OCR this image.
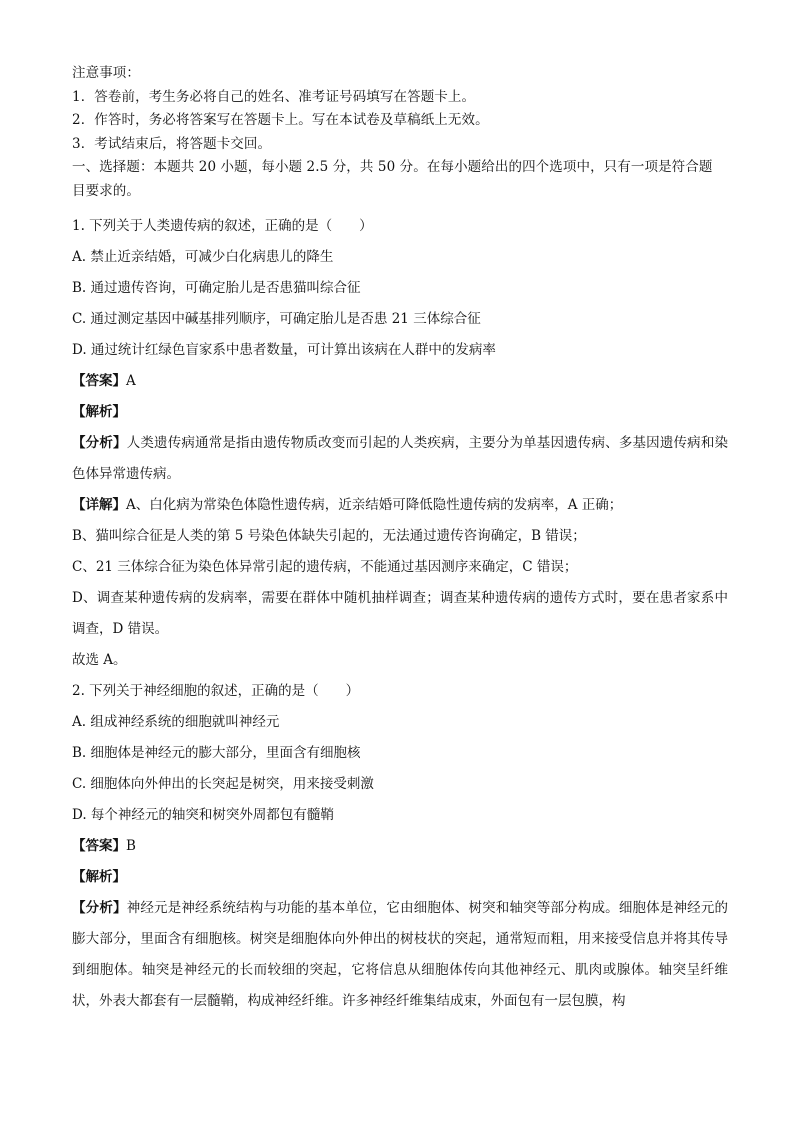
注意事项：
1．答卷前，考生务必将自己的姓名、准考证号码填写在答题卡上。
2．作答时，务必将答案写在答题卡上。写在本试卷及草稿纸上无效。
3．考试结束后，将答题卡交回。
一、选择题：本题共 20 小题，每小题 2.5 分，共 50 分。在每小题给出的四个选项中，只有一项是符合题
目要求的。
1. 下列关于人类遗传病的叙述，正确的是（　　）
A. 禁止近亲结婚，可减少白化病患儿的降生
B. 通过遗传咨询，可确定胎儿是否患猫叫综合征
C. 通过测定基因中碱基排列顺序，可确定胎儿是否患 21 三体综合征
D. 通过统计红绿色盲家系中患者数量，可计算出该病在人群中的发病率
【答案】A
【解析】
【分析】人类遗传病通常是指由遗传物质改变而引起的人类疾病，主要分为单基因遗传病、多基因遗传病和染色体异常遗传病。
【详解】A、白化病为常染色体隐性遗传病，近亲结婚可降低隐性遗传病的发病率，A 正确；
B、猫叫综合征是人类的第 5 号染色体缺失引起的，无法通过遗传咨询确定，B 错误；
C、21 三体综合征为染色体异常引起的遗传病，不能通过基因测序来确定，C 错误；
D、调查某种遗传病的发病率，需要在群体中随机抽样调查；调查某种遗传病的遗传方式时，要在患者家系中调查，D 错误。
故选 A。
2. 下列关于神经细胞的叙述，正确的是（　　）
A. 组成神经系统的细胞就叫神经元
B. 细胞体是神经元的膨大部分，里面含有细胞核
C. 细胞体向外伸出的长突起是树突，用来接受刺激
D. 每个神经元的轴突和树突外周都包有髓鞘
【答案】B
【解析】
【分析】神经元是神经系统结构与功能的基本单位，它由细胞体、树突和轴突等部分构成。细胞体是神经元的膨大部分，里面含有细胞核。树突是细胞体向外伸出的树枝状的突起，通常短而粗，用来接受信息并将其传导到细胞体。轴突是神经元的长而较细的突起，它将信息从细胞体传向其他神经元、肌肉或腺体。轴突呈纤维状，外表大都套有一层髓鞘，构成神经纤维。许多神经纤维集结成束，外面包有一层包膜，构
